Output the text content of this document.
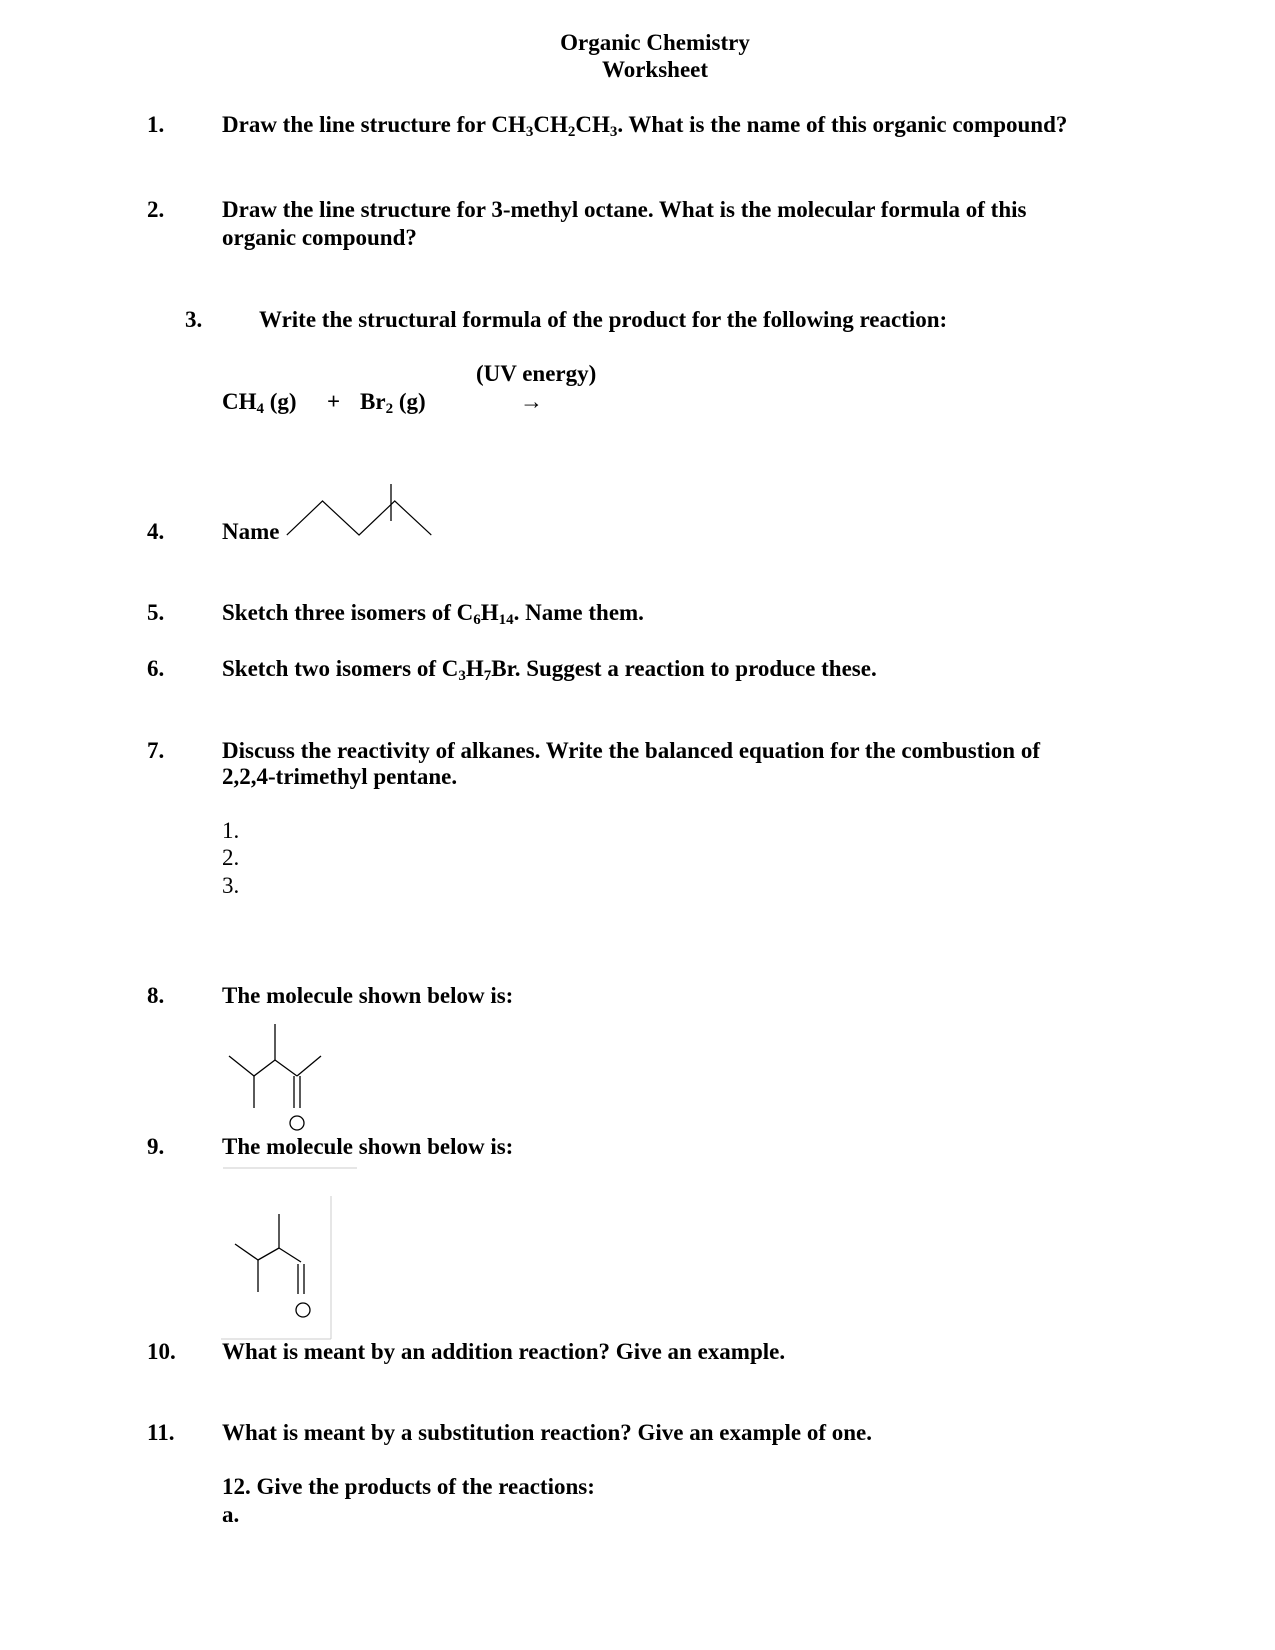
Organic Chemistry
Worksheet
1.	Draw the line structure for $CH_3CH_2CH_3$. What is the name of this organic compound?
2.	Draw the line structure for 3-methyl octane. What is the molecular formula of this
organic compound?
3. Write the structural formula of the product for the following reaction:
(UV energy)
$CH_4$ $(g) + Br_2$ (g)	→
4.	Name
5.	Sketch three isomers of $C_6H_{14}$. Name them.
6.	Sketch two isomers of $C_3H_7Br$. Suggest a reaction to produce these.
7.	Discuss the reactivity of alkanes. Write the balanced equation for the combustion of
2,2,4-trimethyl pentane.
1.
2.
3.
8.	The molecule shown below is:
9.	The molecule shown below is:
10. What is meant by an addition reaction? Give an example.
11. What is meant by a substitution reaction? Give an example of one.
12. Give the products of the reactions:
a.
